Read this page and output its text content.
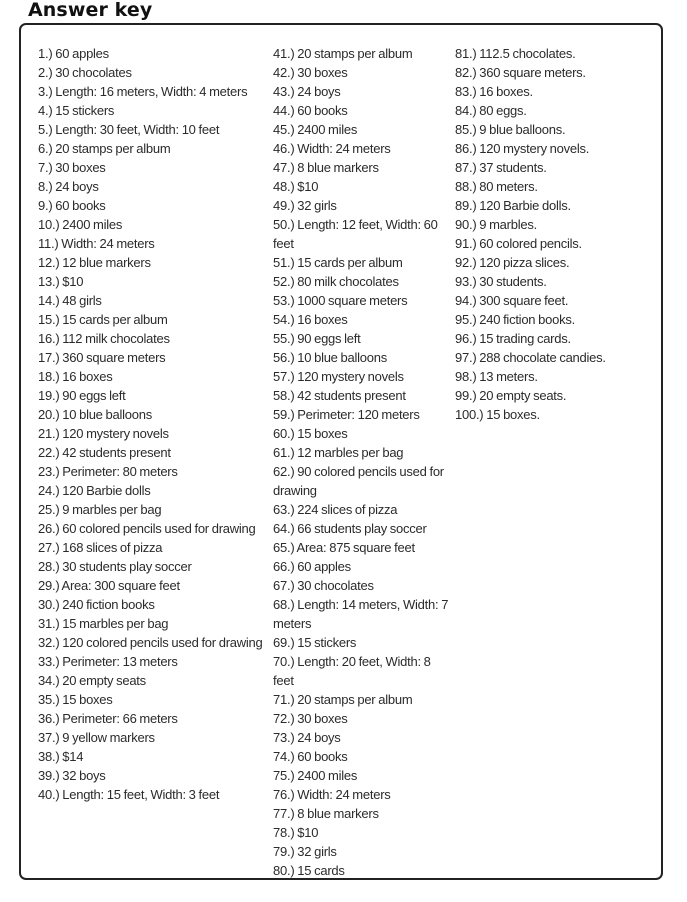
Answer key
1.) 60 apples
2.) 30 chocolates
3.) Length: 16 meters, Width: 4 meters
4.) 15 stickers
5.) Length: 30 feet, Width: 10 feet
6.) 20 stamps per album
7.) 30 boxes
8.) 24 boys
9.) 60 books
10.) 2400 miles
11.) Width: 24 meters
12.) 12 blue markers
13.) $10
14.) 48 girls
15.) 15 cards per album
16.) 112 milk chocolates
17.) 360 square meters
18.) 16 boxes
19.) 90 eggs left
20.) 10 blue balloons
21.) 120 mystery novels
22.) 42 students present
23.) Perimeter: 80 meters
24.) 120 Barbie dolls
25.) 9 marbles per bag
26.) 60 colored pencils used for drawing
27.) 168 slices of pizza
28.) 30 students play soccer
29.) Area: 300 square feet
30.) 240 fiction books
31.) 15 marbles per bag
32.) 120 colored pencils used for drawing
33.) Perimeter: 13 meters
34.) 20 empty seats
35.) 15 boxes
36.) Perimeter: 66 meters
37.) 9 yellow markers
38.) $14
39.) 32 boys
40.) Length: 15 feet, Width: 3 feet
41.) 20 stamps per album
42.) 30 boxes
43.) 24 boys
44.) 60 books
45.) 2400 miles
46.) Width: 24 meters
47.) 8 blue markers
48.) $10
49.) 32 girls
50.) Length: 12 feet, Width: 60 feet
51.) 15 cards per album
52.) 80 milk chocolates
53.) 1000 square meters
54.) 16 boxes
55.) 90 eggs left
56.) 10 blue balloons
57.) 120 mystery novels
58.) 42 students present
59.) Perimeter: 120 meters
60.) 15 boxes
61.) 12 marbles per bag
62.) 90 colored pencils used for drawing
63.) 224 slices of pizza
64.) 66 students play soccer
65.) Area: 875 square feet
66.) 60 apples
67.) 30 chocolates
68.) Length: 14 meters, Width: 7 meters
69.) 15 stickers
70.) Length: 20 feet, Width: 8 feet
71.) 20 stamps per album
72.) 30 boxes
73.) 24 boys
74.) 60 books
75.) 2400 miles
76.) Width: 24 meters
77.) 8 blue markers
78.) $10
79.) 32 girls
80.) 15 cards
81.) 112.5 chocolates.
82.) 360 square meters.
83.) 16 boxes.
84.) 80 eggs.
85.) 9 blue balloons.
86.) 120 mystery novels.
87.) 37 students.
88.) 80 meters.
89.) 120 Barbie dolls.
90.) 9 marbles.
91.) 60 colored pencils.
92.) 120 pizza slices.
93.) 30 students.
94.) 300 square feet.
95.) 240 fiction books.
96.) 15 trading cards.
97.) 288 chocolate candies.
98.) 13 meters.
99.) 20 empty seats.
100.) 15 boxes.
